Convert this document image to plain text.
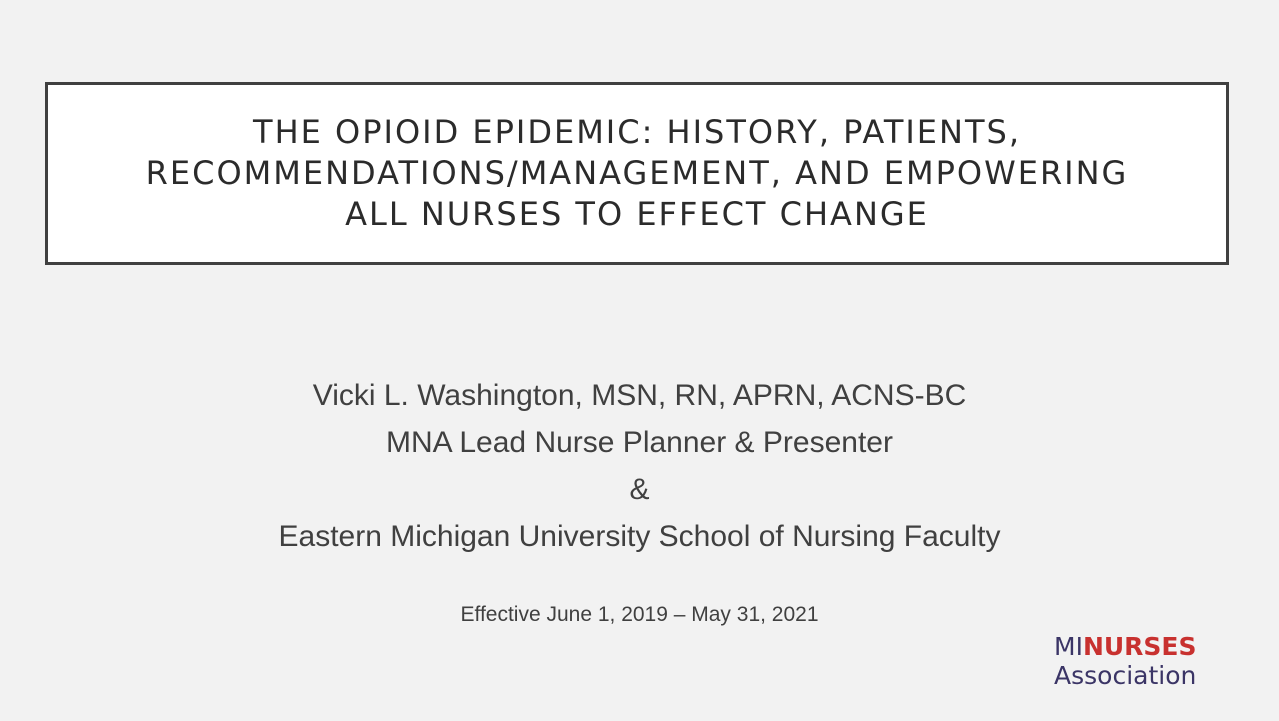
THE OPIOID EPIDEMIC: HISTORY, PATIENTS,
RECOMMENDATIONS/MANAGEMENT, AND EMPOWERING
ALL NURSES TO EFFECT CHANGE
Vicki L. Washington, MSN, RN, APRN, ACNS-BC
MNA Lead Nurse Planner & Presenter
&
Eastern Michigan University School of Nursing Faculty
Effective June 1, 2019 – May 31, 2021
MINURSES
Association
